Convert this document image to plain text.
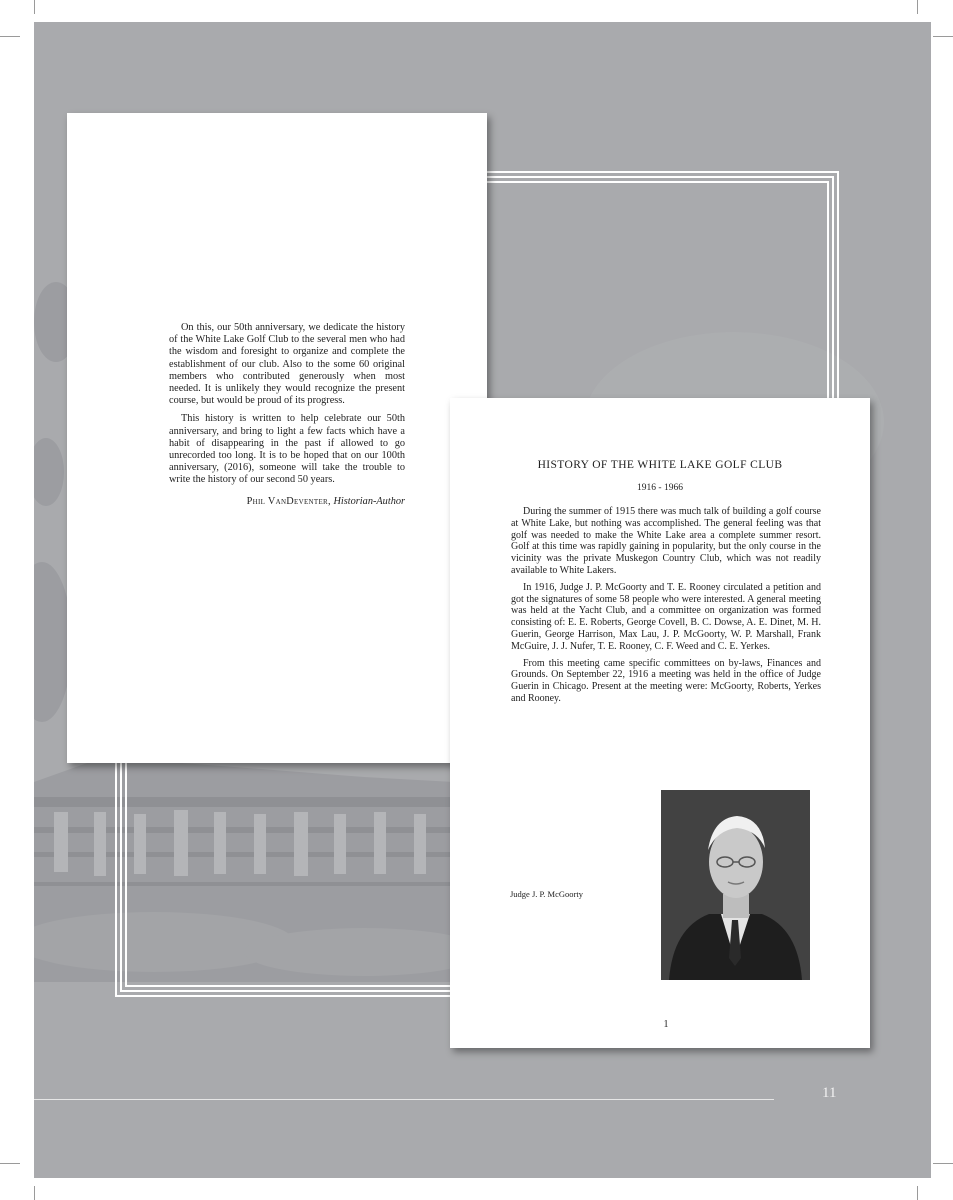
On this, our 50th anniversary, we dedicate the history of the White Lake Golf Club to the several men who had the wisdom and foresight to organize and complete the establishment of our club. Also to the some 60 original members who contributed generously when most needed. It is unlikely they would recognize the present course, but would be proud of its progress.

This history is written to help celebrate our 50th anniversary, and bring to light a few facts which have a habit of disappearing in the past if allowed to go unrecorded too long. It is to be hoped that on our 100th anniversary, (2016), someone will take the trouble to write the history of our second 50 years.

Phil VanDeventer, Historian-Author
HISTORY OF THE WHITE LAKE GOLF CLUB
1916 - 1966

During the summer of 1915 there was much talk of building a golf course at White Lake, but nothing was accomplished. The general feeling was that golf was needed to make the White Lake area a complete summer resort. Golf at this time was rapidly gaining in popularity, but the only course in the vicinity was the private Muskegon Country Club, which was not readily available to White Lakers.

In 1916, Judge J. P. McGoorty and T. E. Rooney circulated a petition and got the signatures of some 58 people who were interested. A general meeting was held at the Yacht Club, and a committee on organization was formed consisting of: E. E. Roberts, George Covell, B. C. Dowse, A. E. Dinet, M. H. Guerin, George Harrison, Max Lau, J. P. McGoorty, W. P. Marshall, Frank McGuire, J. J. Nufer, T. E. Rooney, C. F. Weed and C. E. Yerkes.

From this meeting came specific committees on by-laws, Finances and Grounds. On September 22, 1916 a meeting was held in the office of Judge Guerin in Chicago. Present at the meeting were: McGoorty, Roberts, Yerkes and Rooney.

Judge J. P. McGoorty
1
11
